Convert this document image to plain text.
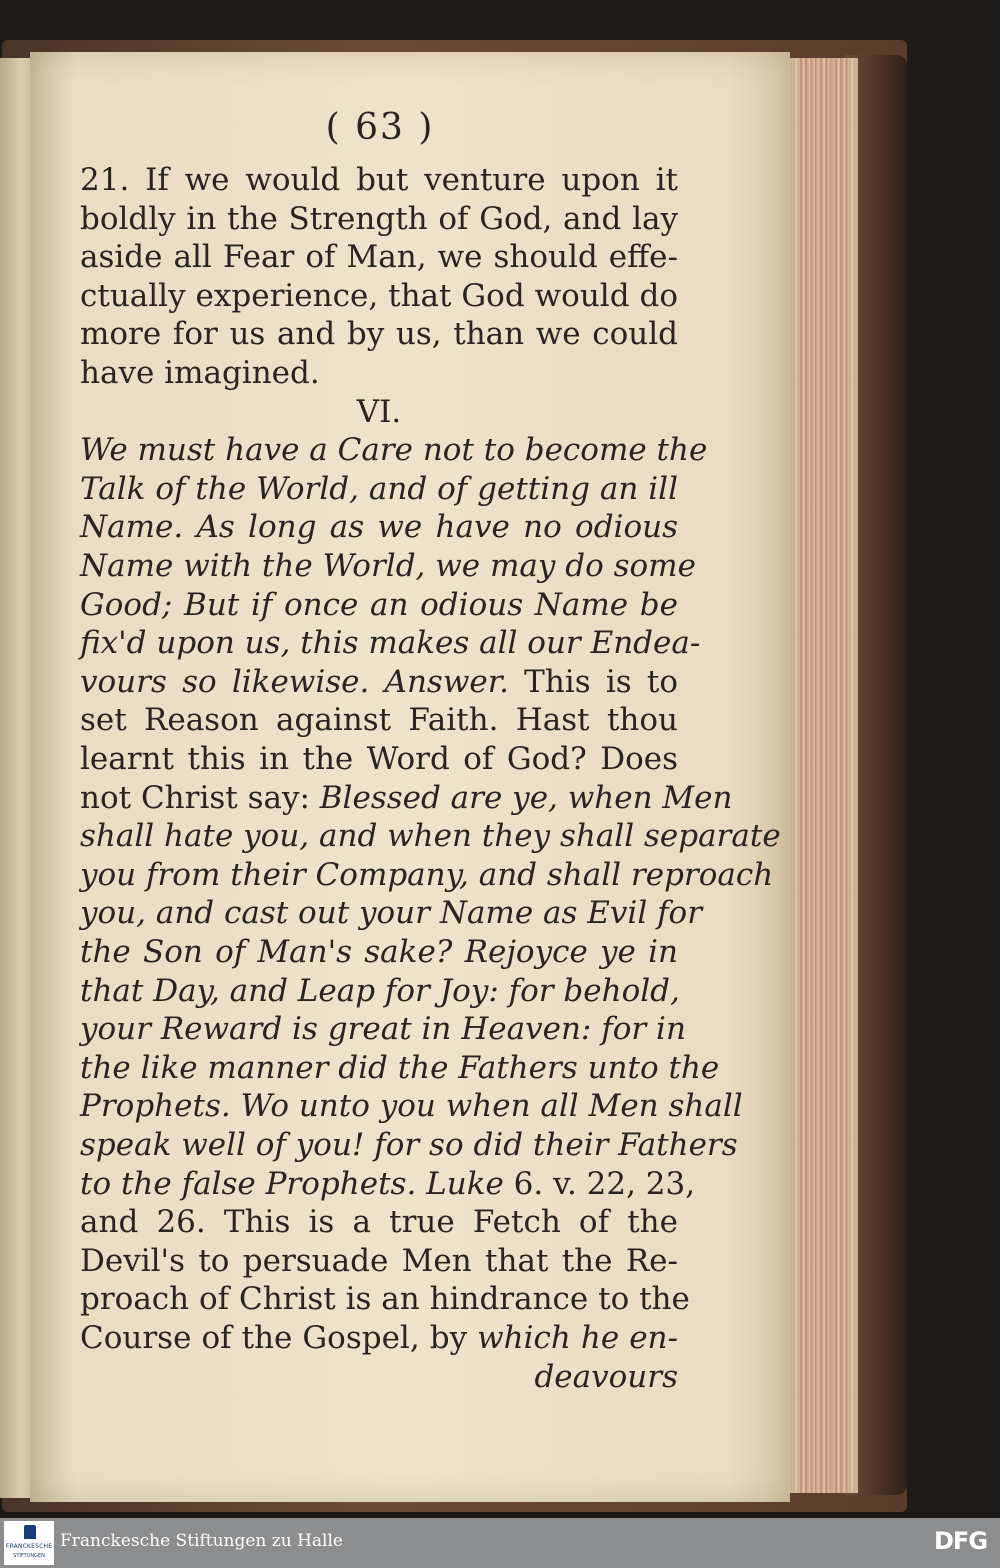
( 63 )
21. If we would but venture upon it
boldly in the Strength of God, and lay
aside all Fear of Man, we should effe-
ctually experience, that God would do
more for us and by us, than we could
have imagined.
VI.
We must have a Care not to become the
Talk of the World, and of getting an ill
Name. As long as we have no odious
Name with the World, we may do some
Good; But if once an odious Name be
fix'd upon us, this makes all our Endea-
vours so likewise. Answer. This is to
set Reason against Faith. Hast thou
learnt this in the Word of God? Does
not Christ say: Blessed are ye, when Men
shall hate you, and when they shall separate
you from their Company, and shall reproach
you, and cast out your Name as Evil for
the Son of Man's sake? Rejoyce ye in
that Day, and Leap for Joy: for behold,
your Reward is great in Heaven: for in
the like manner did the Fathers unto the
Prophets. Wo unto you when all Men shall
speak well of you! for so did their Fathers
to the false Prophets. Luke 6. v. 22, 23,
and 26. This is a true Fetch of the
Devil's to persuade Men that the Re-
proach of Christ is an hindrance to the
Course of the Gospel, by which he en-
deavours
FRANCKESCHE
STIFTUNGEN
Franckesche Stiftungen zu Halle	DFG
